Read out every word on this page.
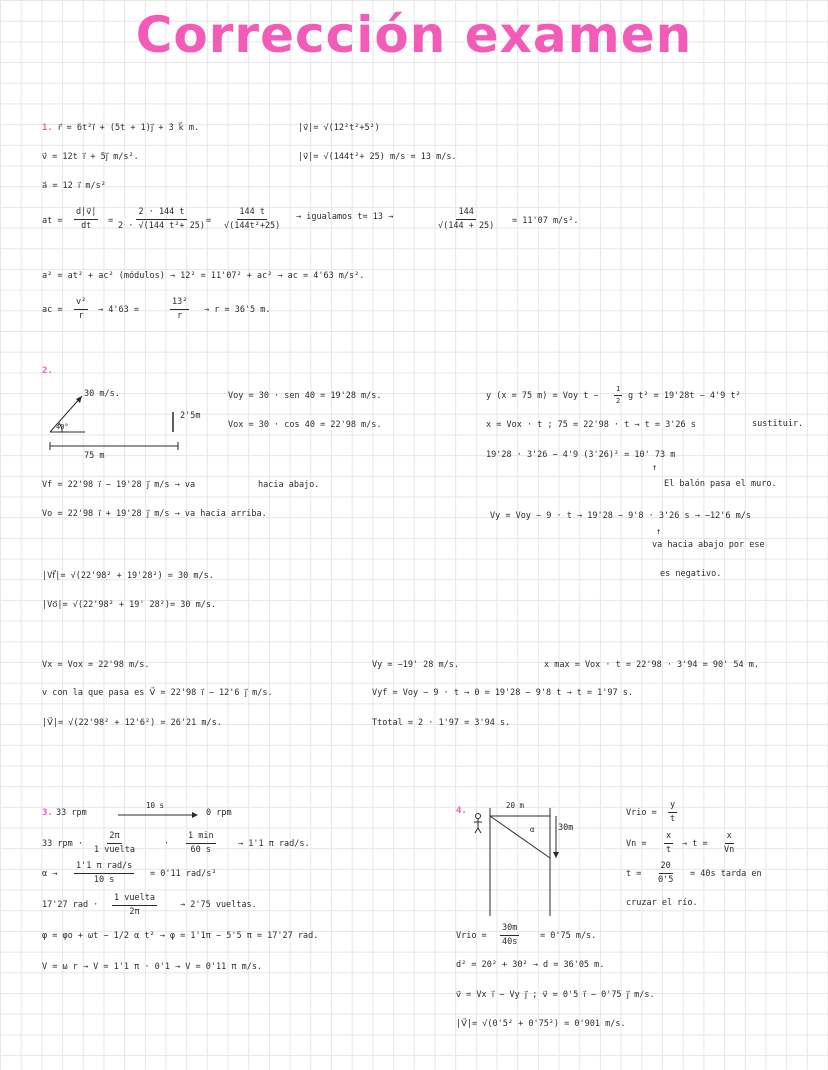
Corrección examen
1. r⃗ = 6t²i⃗ + (5t + 1)j⃗ + 3 k⃗ m.	|v⃗|= √(12²t²+5²)
v⃗ = 12t i⃗ + 5j⃗ m/s².	|v⃗|= √(144t²+ 25) m/s = 13 m/s.
a⃗ = 12 i⃗ m/s²
at = $\frac{d|v⃗|}{dt} = \frac{2 \cdot 144 t}{\text{2 · √(144 t²+ 25)}} = \frac{144 t}{\text{√(144t²+25)}}$ → igualamos t= 13 →	$\frac{144}{√(144 + 25)} = 11'07$ m/s².
a² = at² + ac² (módulos) → 12² = 11'07² + ac² → ac = 4'63 m/s².
ac = $\frac{\text{v²}}{r} \to 4'63$ =	$\frac{\text{13²}}{r} \to r = 36'5$ m.
2.
30 m/s.
40°
2'5m
75 m
Voy = 30 · sen 40 = 19'28 m/s.
Vox = 30 · cos 40 = 22'98 m/s.
y (x = 75 m) = Voy $t - \frac{1}{2}$ g t² = 19'28t − 4'9 t²
x = Vox · t ; 75 = 22'98 · t → t = 3'26 s	sustituir.
19'28 · 3'26 − 4'9 (3'26)² = 10' 73 m
↑
El balón pasa el muro.
Vf = 22'98 i⃗ − 19'28 j⃗ m/s → va	hacia abajo.
Vo = 22'98 i⃗ + 19'28 j⃗ m/s → va hacia arriba.	Vy = Voy − 9 · t → 19'28 − 9'8 · 3'26 s → −12'6 m/s
↑
va hacia abajo por ese
es negativo.
|Vf⃗|= √(22'98² + 19'28²) = 30 m/s.
|Vo⃗|= √(22'98² + 19' 28²)= 30 m/s.
Vx = Vox = 22'98 m/s.	Vy = −19' 28 m/s.	x max = Vox · t = 22'98 · 3'94 = 90' 54 m.
v con la que pasa es V⃗ = 22'98 i⃗ − 12'6 j⃗ m/s.	Vyf = Voy − 9 · t → 0 = 19'28 − 9'8 t → t = 1'97 s.
|V⃗|= √(22'98² + 12'6²) = 26'21 m/s.	Ttotal = 2 · 1'97 = 3'94 s.
3. 33 rpm
10 s
0 rpm
33 rpm ·
2π
1 vuelta
·
1 min
60 s
→ 1'1 π rad/s.
α →
1'1 π rad/s
10 s
= 0'11 rad/s²
17'27 rad ·
1 vuelta
2π
→ 2'75 vueltas.
φ = φo + ωt − 1/2 α t² → φ = 1'1π − 5'5 π = 17'27 rad.
V = ω r → V = 1'1 π · 0'1 → V = 0'11 π m/s.
4.
20 m
α	30m
Vrio = $\frac{y}{t}$
$Vn = \frac{x}{t} \to t = \frac{x}{Vn}$
$t = \frac{20}{0'5} = 40s$ tarda en
cruzar el río.
Vrio = $\frac{30m}{40s} = 0'75$ m/s.
d² = 20² + 30² → d = 36'05 m.
v⃗ = Vx i⃗ − Vy j⃗ ; v⃗ = 0'5 i⃗ − 0'75 j⃗ m/s.
|V⃗|= √(0'5² + 0'75²) = 0'901 m/s.
